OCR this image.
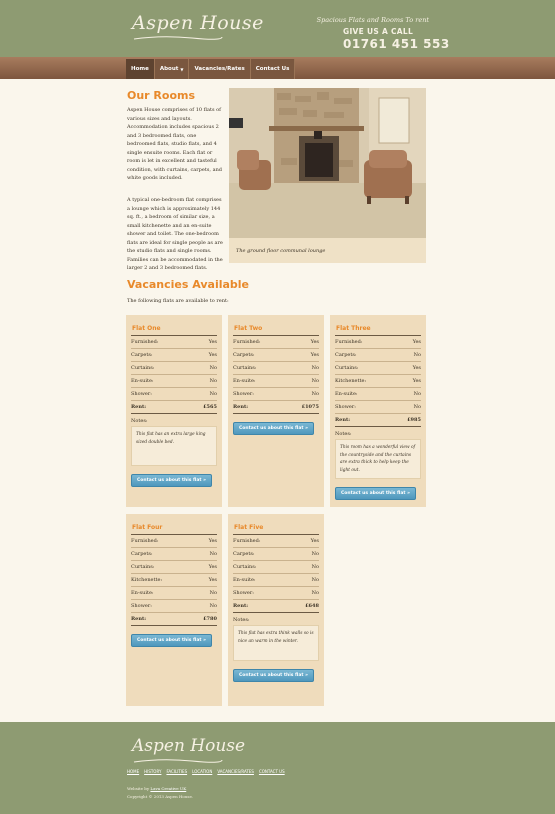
Aspen House	Spacious Flats and Rooms To rent
GIVE US A CALL
01761 451 553
Home About ▼ Vacancies/Rates Contact Us
Our Rooms
Aspen House comprises of 10 flats of various sizes and layouts. Accommodation includes spacious 2 and 3 bedroomed flats, one bedroomed flats, studio flats, and 4 single ensuite rooms. Each flat or room is let in excellent and tasteful condition, with curtains, carpets, and white goods included.
A typical one-bedroom flat comprises a lounge which is approximately 144 sq. ft., a bedroom of similar size, a small kitchenette and an en-suite shower and toilet. The one-bedroom flats are ideal for single people as are the studio flats and single rooms. Families can be accommodated in the larger 2 and 3 bedroomed flats.
The ground floor communal lounge
Vacancies Available
The following flats are available to rent:
Flat One
Furnished:	Yes
Carpets:	Yes
Curtains:	No
En-suite:	No
Shower:	No
Rent:	£565
Notes:
This flat has an extra large king sized double bed.
Contact us about this flat »
Flat Two
Furnished:	Yes
Carpets:	Yes
Curtains:	No
En-suite:	No
Shower:	No
Rent:	£1075
Contact us about this flat »
Flat Three
Furnished:	Yes
Carpets:	No
Curtains:	Yes
Kitchenette:	Yes
En-suite:	No
Shower:	No
Rent:	£985
Notes:
This room has a wonderful view of the countryside and the curtains are extra thick to help keep the light out.
Contact us about this flat »
Flat Four
Furnished:	Yes
Carpets:	No
Curtains:	Yes
Kitchenette:	Yes
En-suite:	No
Shower:	No
Rent:	£780
Contact us about this flat »
Flat Five
Furnished:	Yes
Carpets:	No
Curtains:	No
En-suite:	No
Shower:	No
Rent:	£648
Notes:
This flat has extra think walls so is nice an warm in the winter.
Contact us about this flat »
Aspen House
HOME HISTORY FACILITIES LOCATION VACANCIES/RATES CONTACT US
Website by Lava Creative UK
Copyright © 2013 Aspen House.
